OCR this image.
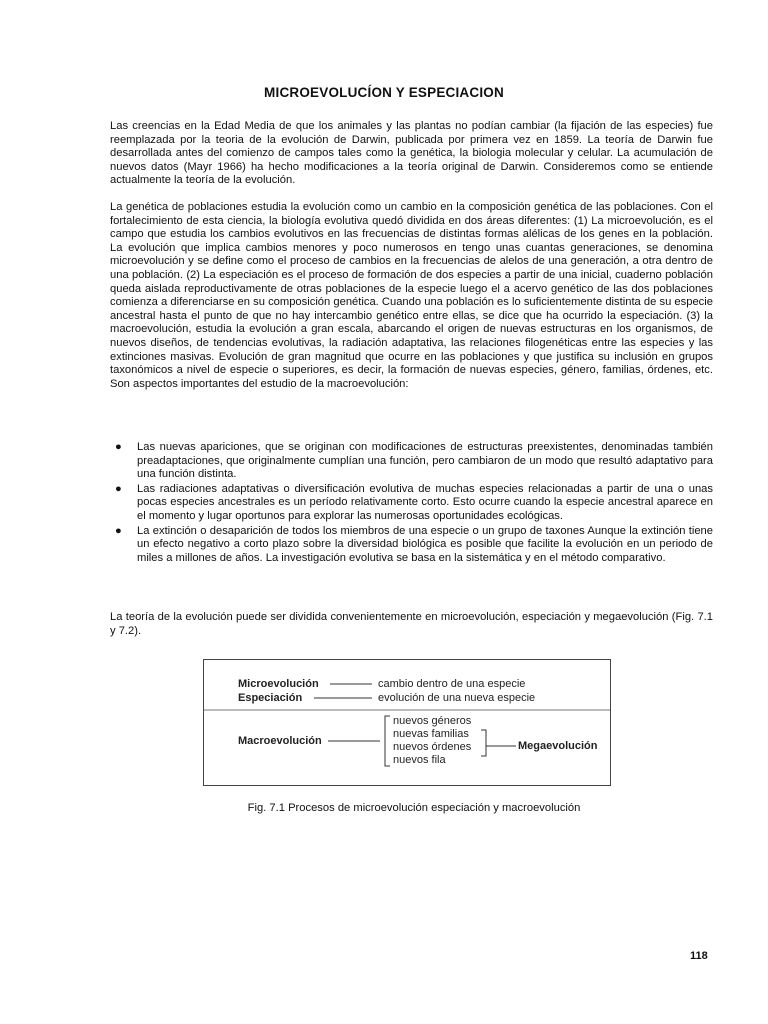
MICROEVOLUCÍON Y ESPECIACION

Las creencias en la Edad Media de que los animales y las plantas no podían cambiar (la fijación de las especies) fue reemplazada por la teoria de la evolución de Darwin, publicada por primera vez en 1859. La teoría de Darwin fue desarrollada antes del comienzo de campos tales como la genética, la biologia molecular y celular. La acumulación de nuevos datos (Mayr 1966) ha hecho modificaciones a la teoría original de Darwin. Consideremos como se entiende actualmente la teoría de la evolución.

La genética de poblaciones estudia la evolución como un cambio en la composición genética de las poblaciones. Con el fortalecimiento de esta ciencia, la biología evolutiva quedó dividida en dos áreas diferentes: (1) La microevolución, es el campo que estudia los cambios evolutivos en las frecuencias de distintas formas alélicas de los genes en la población. La evolución que implica cambios menores y poco numerosos en tengo unas cuantas generaciones, se denomina microevolución y se define como el proceso de cambios en la frecuencias de alelos de una generación, a otra dentro de una población. (2) La especiación es el proceso de formación de dos especies a partir de una inicial, cuaderno población queda aislada reproductivamente de otras poblaciones de la especie luego el a acervo genético de las dos poblaciones comienza a diferenciarse en su composición genética. Cuando una población es lo suficientemente distinta de su especie ancestral hasta el punto de que no hay intercambio genético entre ellas, se dice que ha ocurrido la especiación. (3) la macroevolución, estudia la evolución a gran escala, abarcando el origen de nuevas estructuras en los organismos, de nuevos diseños, de tendencias evolutivas, la radiación adaptativa, las relaciones filogenéticas entre las especies y las extinciones masivas. Evolución de gran magnitud que ocurre en las poblaciones y que justifica su inclusión en grupos taxonómicos a nivel de especie o superiores, es decir, la formación de nuevas especies, género, familias, órdenes, etc. Son aspectos importantes del estudio de la macroevolución:

● Las nuevas apariciones, que se originan con modificaciones de estructuras preexistentes, denominadas también preadaptaciones, que originalmente cumplían una función, pero cambiaron de un modo que resultó adaptativo para una función distinta.
● Las radiaciones adaptativas o diversificación evolutiva de muchas especies relacionadas a partir de una o unas pocas especies ancestrales es un período relativamente corto. Esto ocurre cuando la especie ancestral aparece en el momento y lugar oportunos para explorar las numerosas oportunidades ecológicas.
● La extinción o desaparición de todos los miembros de una especie o un grupo de taxones Aunque la extinción tiene un efecto negativo a corto plazo sobre la diversidad biológica es posible que facilite la evolución en un periodo de miles a millones de años. La investigación evolutiva se basa en la sistemática y en el método comparativo.

La teoría de la evolución puede ser dividida convenientemente en microevolución, especiación y megaevolución (Fig. 7.1 y 7.2).

Microevolución	cambio dentro de una especie
Especiación	evolución de una nueva especie
Macroevolución
nuevos géneros
nuevas familias
nuevos órdenes
nuevos fila
Megaevolución
Fig. 7.1 Procesos de microevolución especiación y macroevolución
118
